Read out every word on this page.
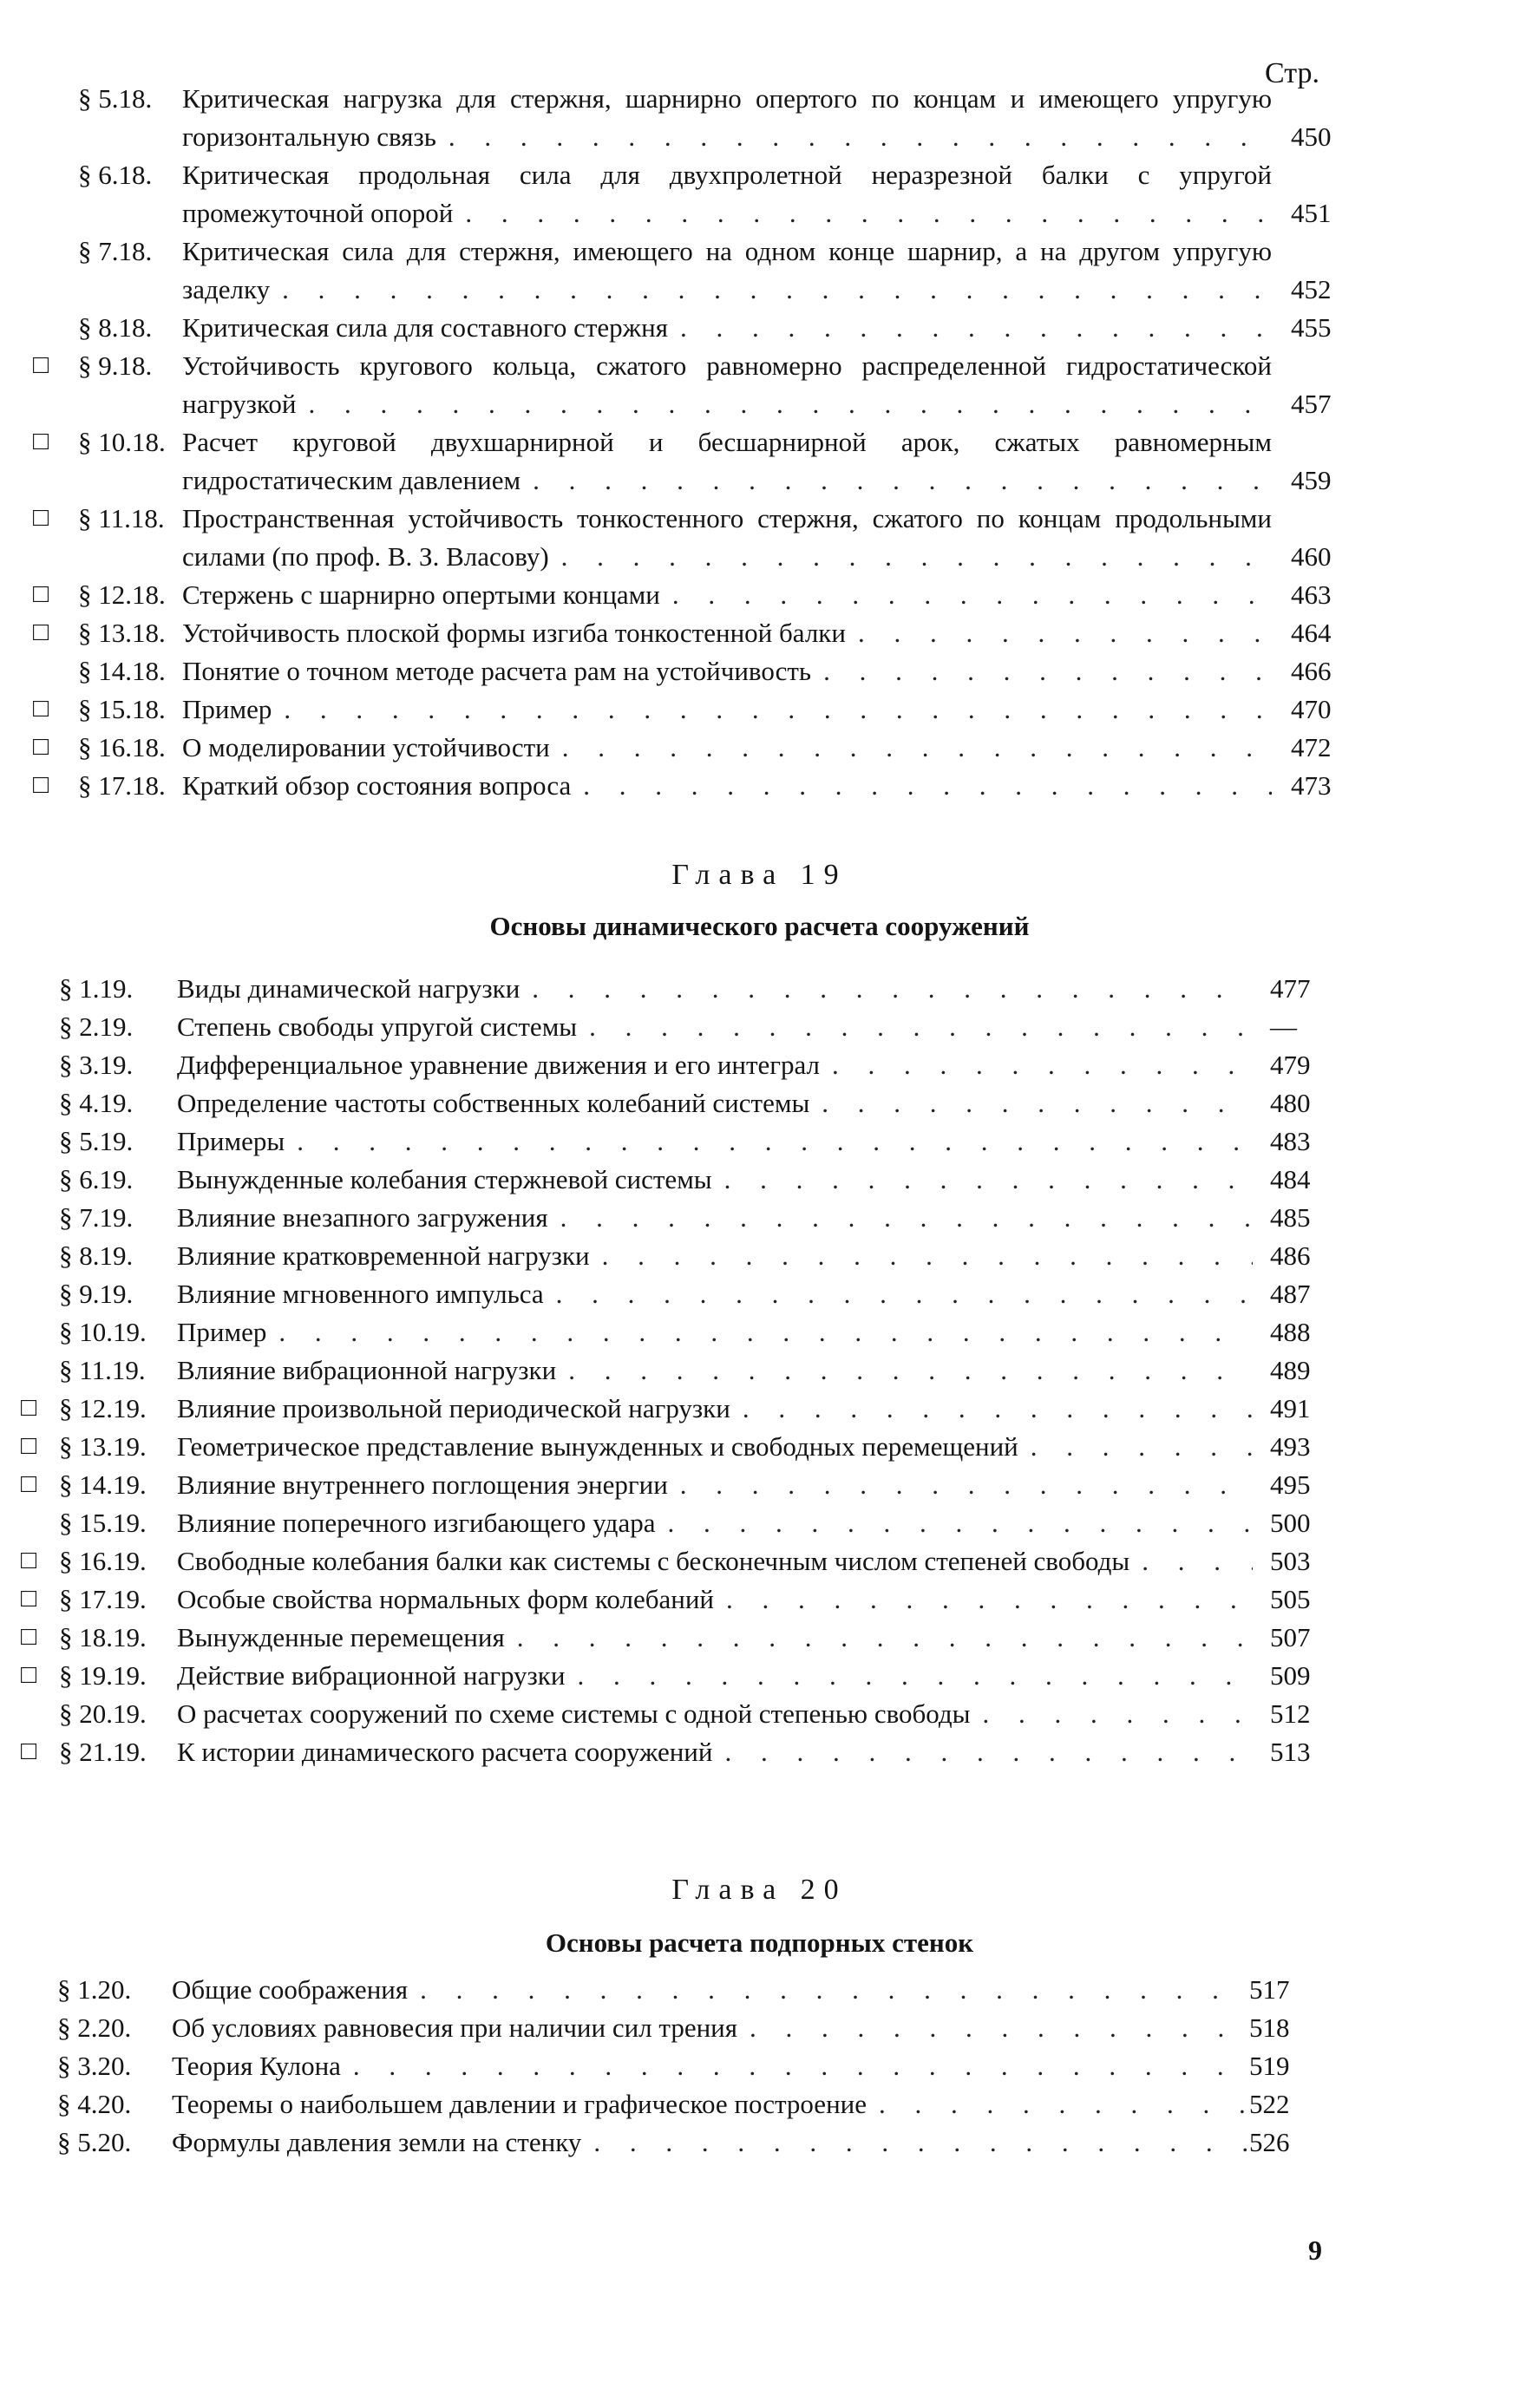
Стр.
§ 5.18. Критическая нагрузка для стержня, шарнирно опертого по концам и имеющего упругую горизонтальную связь . . .	450
§ 6.18. Критическая продольная сила для двухпролетной неразрезной балки с упругой промежуточной опорой . . .	451
§ 7.18. Критическая сила для стержня, имеющего на одном конце шарнир, а на другом упругую заделку . . .	452
§ 8.18. Критическая сила для составного стержня . . .	455
□ § 9.18. Устойчивость кругового кольца, сжатого равномерно распределенной гидростатической нагрузкой . . .	457
□ § 10.18. Расчет круговой двухшарнирной и бесшарнирной арок, сжатых равномерным гидростатическим давлением . . .	459
□ § 11.18. Пространственная устойчивость тонкостенного стержня, сжатого по концам продольными силами (по проф. В. З. Власову) . . .	460
□ § 12.18. Стержень с шарнирно опертыми концами . . .	463
□ § 13.18. Устойчивость плоской формы изгиба тонкостенной балки . . .	464
§ 14.18. Понятие о точном методе расчета рам на устойчивость . . .	466
□ § 15.18. Пример . . .	470
□ § 16.18. О моделировании устойчивости . . .	472
□ § 17.18. Краткий обзор состояния вопроса . . .	473
Глава 19
Основы динамического расчета сооружений
§ 1.19. Виды динамической нагрузки . . .	477
§ 2.19. Степень свободы упругой системы . . .	—
§ 3.19. Дифференциальное уравнение движения и его интеграл . . .	479
§ 4.19. Определение частоты собственных колебаний системы . . .	480
§ 5.19. Примеры . . .	483
§ 6.19. Вынужденные колебания стержневой системы . . .	484
§ 7.19. Влияние внезапного загружения . . .	485
§ 8.19. Влияние кратковременной нагрузки . . .	486
§ 9.19. Влияние мгновенного импульса . . .	487
§ 10.19. Пример . . .	488
§ 11.19. Влияние вибрационной нагрузки . . .	489
□ § 12.19. Влияние произвольной периодической нагрузки . . .	491
□ § 13.19. Геометрическое представление вынужденных и свободных перемещений . . .	493
□ § 14.19. Влияние внутреннего поглощения энергии . . .	495
§ 15.19. Влияние поперечного изгибающего удара . . .	500
□ § 16.19. Свободные колебания балки как системы с бесконечным числом степеней свободы . . .	503
□ § 17.19. Особые свойства нормальных форм колебаний . . .	505
□ § 18.19. Вынужденные перемещения . . .	507
□ § 19.19. Действие вибрационной нагрузки . . .	509
§ 20.19. О расчетах сооружений по схеме системы с одной степенью свободы . . .	512
□ § 21.19. К истории динамического расчета сооружений . . .	513
Глава 20
Основы расчета подпорных стенок
§ 1.20. Общие соображения . . .	517
§ 2.20. Об условиях равновесия при наличии сил трения . . .	518
§ 3.20. Теория Кулона . . .	519
§ 4.20. Теоремы о наибольшем давлении и графическое построение . . .	522
§ 5.20. Формулы давления земли на стенку . . .	526
9
